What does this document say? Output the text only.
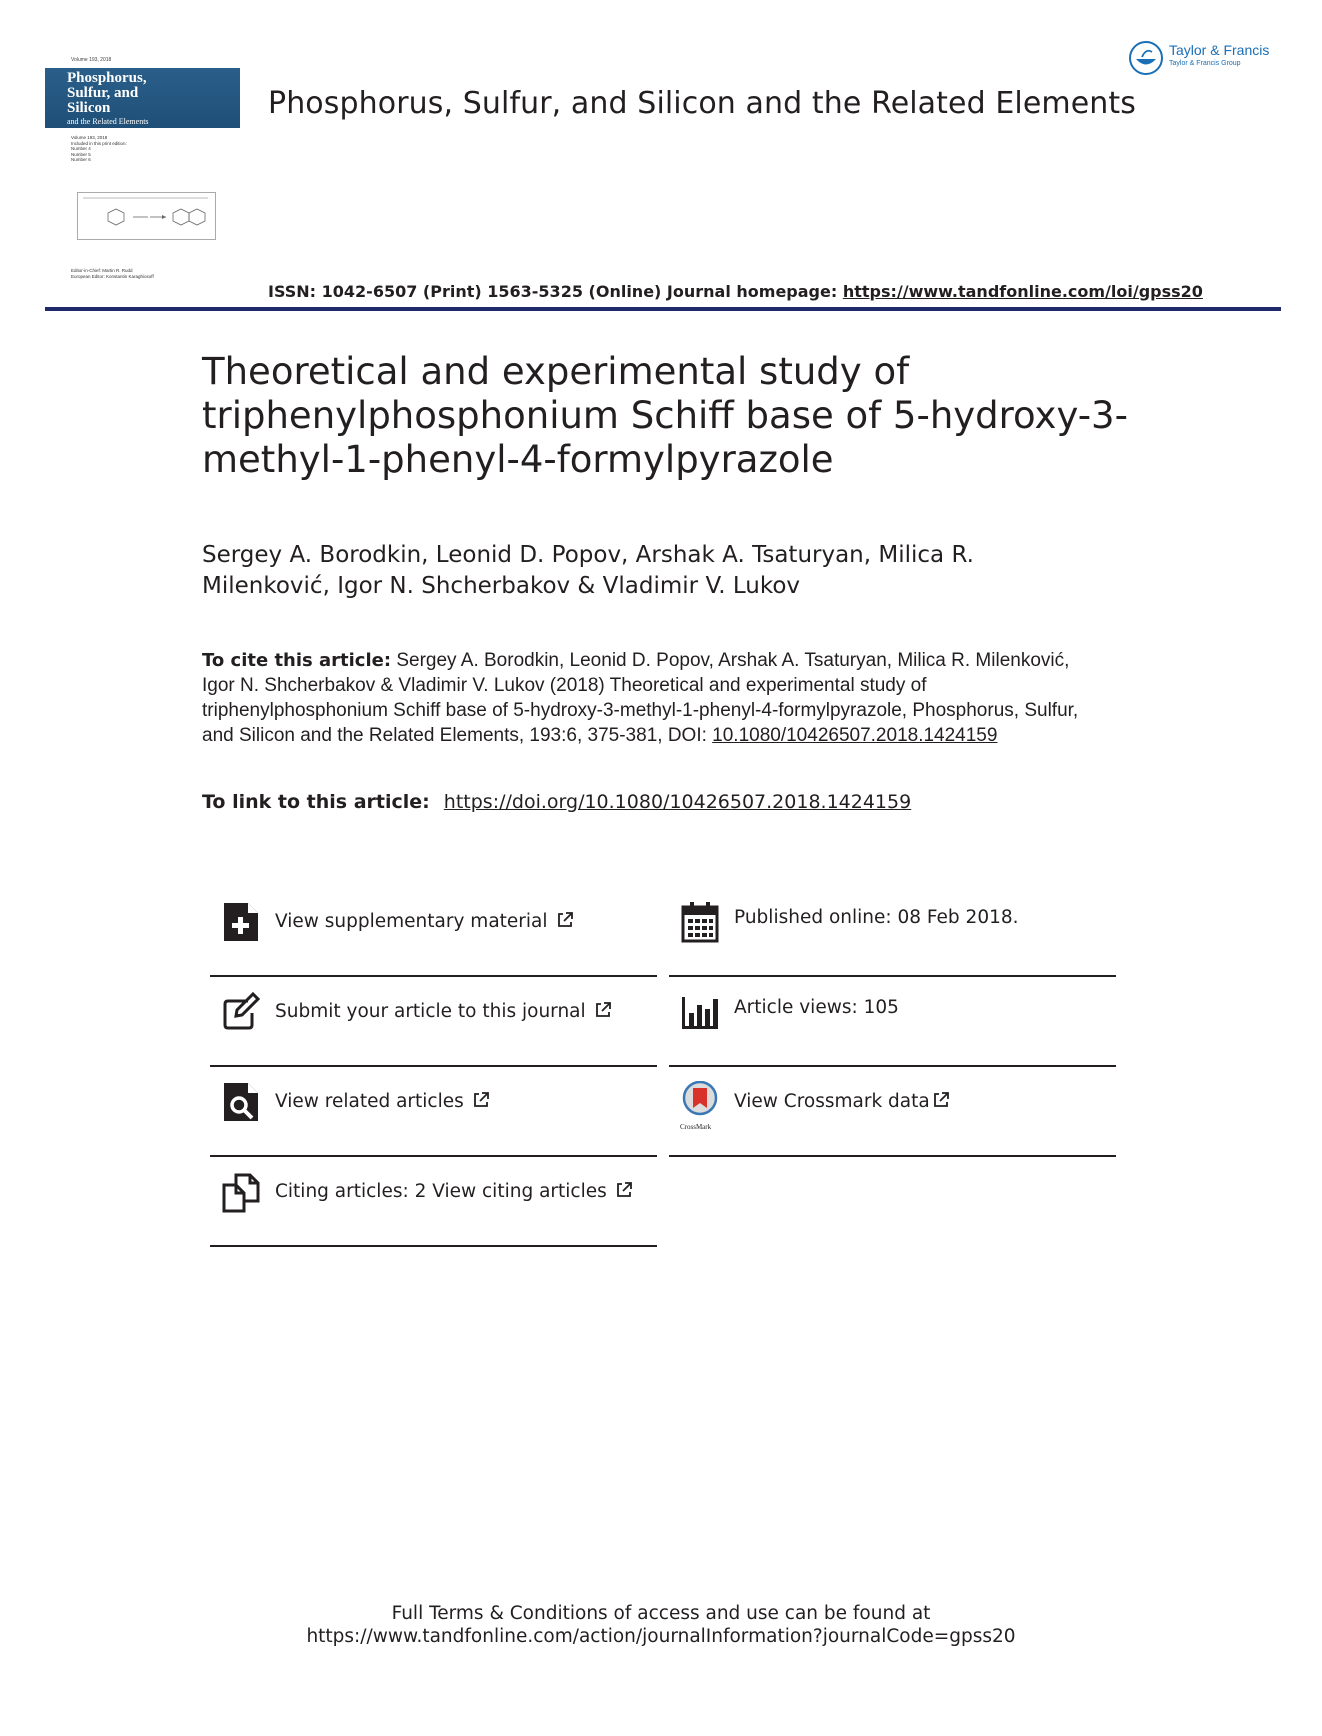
Volume 193, 2018
Phosphorus,
Sulfur, and
Silicon
and the Related Elements
Volume 193, 2018
Included in this print edition:
Number 4
Number 5
Number 6
Editor-in-Chief: Martin R. Rudd
European Editor: Konstantin Karaghiosoff
Phosphorus, Sulfur, and Silicon and the Related Elements
Taylor & Francis
Taylor & Francis Group
ISSN: 1042-6507 (Print) 1563-5325 (Online) Journal homepage: https://www.tandfonline.com/loi/gpss20
Theoretical and experimental study of triphenylphosphonium Schiff base of 5-hydroxy-3-methyl-1-phenyl-4-formylpyrazole
Sergey A. Borodkin, Leonid D. Popov, Arshak A. Tsaturyan, Milica R. Milenković, Igor N. Shcherbakov & Vladimir V. Lukov
To cite this article: Sergey A. Borodkin, Leonid D. Popov, Arshak A. Tsaturyan, Milica R. Milenković, Igor N. Shcherbakov & Vladimir V. Lukov (2018) Theoretical and experimental study of triphenylphosphonium Schiff base of 5-hydroxy-3-methyl-1-phenyl-4-formylpyrazole, Phosphorus, Sulfur, and Silicon and the Related Elements, 193:6, 375-381, DOI: 10.1080/10426507.2018.1424159
To link to this article: https://doi.org/10.1080/10426507.2018.1424159
View supplementary material	Published online: 08 Feb 2018.
Submit your article to this journal	Article views: 105
View related articles
CrossMark
View Crossmark data
Citing articles: 2 View citing articles
Full Terms & Conditions of access and use can be found at
https://www.tandfonline.com/action/journalInformation?journalCode=gpss20
